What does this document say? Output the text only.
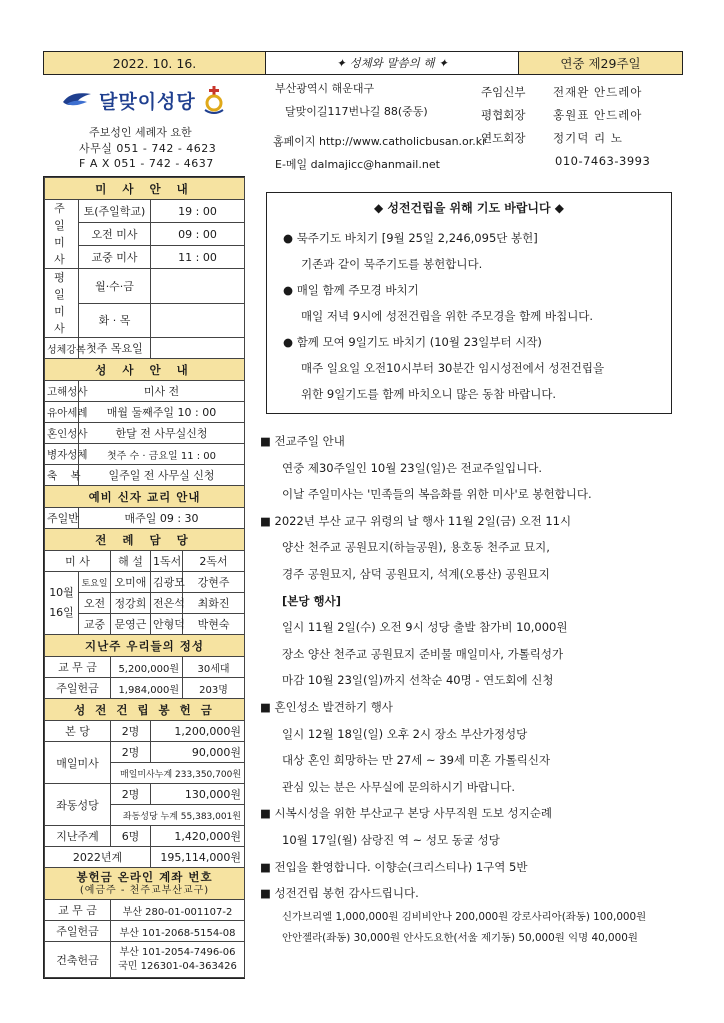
2022. 10. 16.	✦ 성체와 말씀의 해 ✦	연중 제29주일
달맞이성당
주보성인 세례자 요한
사무실 051 - 742 - 4623
F A X 051 - 742 - 4637
부산광역시 해운대구
달맞이길117번나길 88(중동)
홈페이지 http://www.catholicbusan.or.kr
E-메일 dalmajicc@hanmail.net
주임신부	전재완 안드레아
평협회장	홍원표 안드레아
연도회장	정기덕 리 노
010-7463-3993
미 사 안 내				
주 일 미 사	토(주일학교)		19 : 00	
	오전 미사		09 : 00	
	교중 미사		11 : 00	
평 일 미 사	월·수·금			
	화 · 목			
성체강복	첫주 목요일			
성 사 안 내				
고해성사	미사 전			
유아세례	매월 둘째주일 10 : 00			
혼인성사	한달 전 사무실신청			
병자성체	첫주 수 · 금요일 11 : 00			
축    복	일주일 전 사무실 신청			
예비 신자 교리 안내				
주일반	매주일 09 : 30			
전 례 담 당				
미 사		해 설	1독서	2독서
10월 16일	토요일	오미애	김광모	강현주
	오전	정강희	전은석	최화진
	교중	문영근	안형덕	박현숙
지난주 우리들의 정성				
교 무 금		5,200,000원		30세대
주일헌금		1,984,000원		203명
성 전 건 립 봉 헌 금				
본 당		2명	1,200,000원	
매일미사		2명	90,000원	
		매일미사누계 233,350,700원		
좌동성당		2명	130,000원	
		좌동성당 누계 55,383,001원		
지난주계		6명	1,420,000원	
2022년계			195,114,000원	

봉헌금 온라인 계좌 번호
(예금주 - 천주교부산교구)				

교 무 금		부산 280-01-001107-2		
주일헌금		부산 101-2068-5154-08		
건축헌금		부산 101-2054-7496-06
국민 126301-04-363426		
◆ 성전건립을 위해 기도 바랍니다 ◆
● 묵주기도 바치기 [9월 25일 2,246,095단 봉헌]
기존과 같이 묵주기도를 봉헌합니다.
● 매일 함께 주모경 바치기
매일 저녁 9시에 성전건립을 위한 주모경을 함께 바칩니다.
● 함께 모여 9일기도 바치기 (10월 23일부터 시작)
매주 일요일 오전10시부터 30분간 임시성전에서 성전건립을
위한 9일기도를 함께 바치오니 많은 동참 바랍니다.
■ 전교주일 안내
연중 제30주일인 10월 23일(일)은 전교주일입니다.
이날 주일미사는 '민족들의 복음화를 위한 미사'로 봉헌합니다.
■ 2022년 부산 교구 위령의 날 행사 11월 2일(금) 오전 11시
양산 천주교 공원묘지(하늘공원), 용호동 천주교 묘지,
경주 공원묘지, 삼덕 공원묘지, 석계(오룡산) 공원묘지
[본당 행사]
일시 11월 2일(수) 오전 9시 성당 출발 참가비 10,000원
장소 양산 천주교 공원묘지 준비물 매일미사, 가톨릭성가
마감 10월 23일(일)까지 선착순 40명 - 연도회에 신청
■ 혼인성소 발견하기 행사
일시 12월 18일(일) 오후 2시 장소 부산가정성당
대상 혼인 희망하는 만 27세 ~ 39세 미혼 가톨릭신자
관심 있는 분은 사무실에 문의하시기 바랍니다.
■ 시복시성을 위한 부산교구 본당 사무직원 도보 성지순례
10월 17일(월) 삼랑진 역 ~ 성모 동굴 성당
■ 전입을 환영합니다. 이향순(크리스티나) 1구역 5반
■ 성전건립 봉헌 감사드립니다.
신가브리엘 1,000,000원 김비비안나 200,000원 강로사리아(좌동) 100,000원
안안젤라(좌동) 30,000원 안사도요한(서울 제기동) 50,000원 익명 40,000원
